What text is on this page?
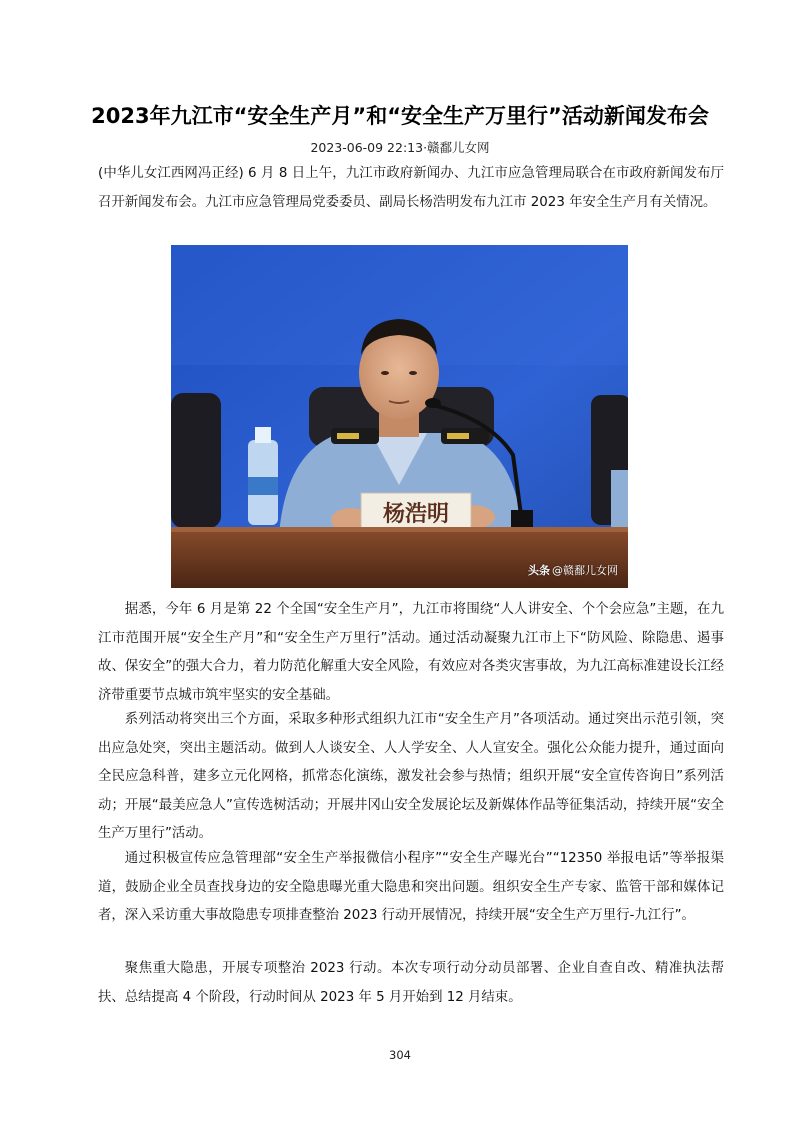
2023年九江市“安全生产月”和“安全生产万里行”活动新闻发布会
2023-06-09 22:13·赣鄱儿女网

(中华儿女江西网冯正经) 6 月 8 日上午，九江市政府新闻办、九江市应急管理局联合在市政府新闻发布厅召开新闻发布会。九江市应急管理局党委委员、副局长杨浩明发布九江市 2023 年安全生产月有关情况。

杨浩明
头条 @赣鄱儿女网

据悉，今年 6 月是第 22 个全国“安全生产月”，九江市将围绕“人人讲安全、个个会应急”主题，在九江市范围开展“安全生产月”和“安全生产万里行”活动。通过活动凝聚九江市上下“防风险、除隐患、遏事故、保安全”的强大合力，着力防范化解重大安全风险，有效应对各类灾害事故，为九江高标准建设长江经济带重要节点城市筑牢坚实的安全基础。

系列活动将突出三个方面，采取多种形式组织九江市“安全生产月”各项活动。通过突出示范引领，突出应急处突，突出主题活动。做到人人谈安全、人人学安全、人人宣安全。强化公众能力提升，通过面向全民应急科普，建多立元化网格，抓常态化演练，激发社会参与热情；组织开展“安全宣传咨询日”系列活动；开展“最美应急人”宣传选树活动；开展井冈山安全发展论坛及新媒体作品等征集活动，持续开展“安全生产万里行”活动。

通过积极宣传应急管理部“安全生产举报微信小程序”“安全生产曝光台”“12350 举报电话”等举报渠道，鼓励企业全员查找身边的安全隐患曝光重大隐患和突出问题。组织安全生产专家、监管干部和媒体记者，深入采访重大事故隐患专项排查整治 2023 行动开展情况，持续开展“安全生产万里行-九江行”。

聚焦重大隐患，开展专项整治 2023 行动。本次专项行动分动员部署、企业自查自改、精准执法帮扶、总结提高 4 个阶段，行动时间从 2023 年 5 月开始到 12 月结束。

304
